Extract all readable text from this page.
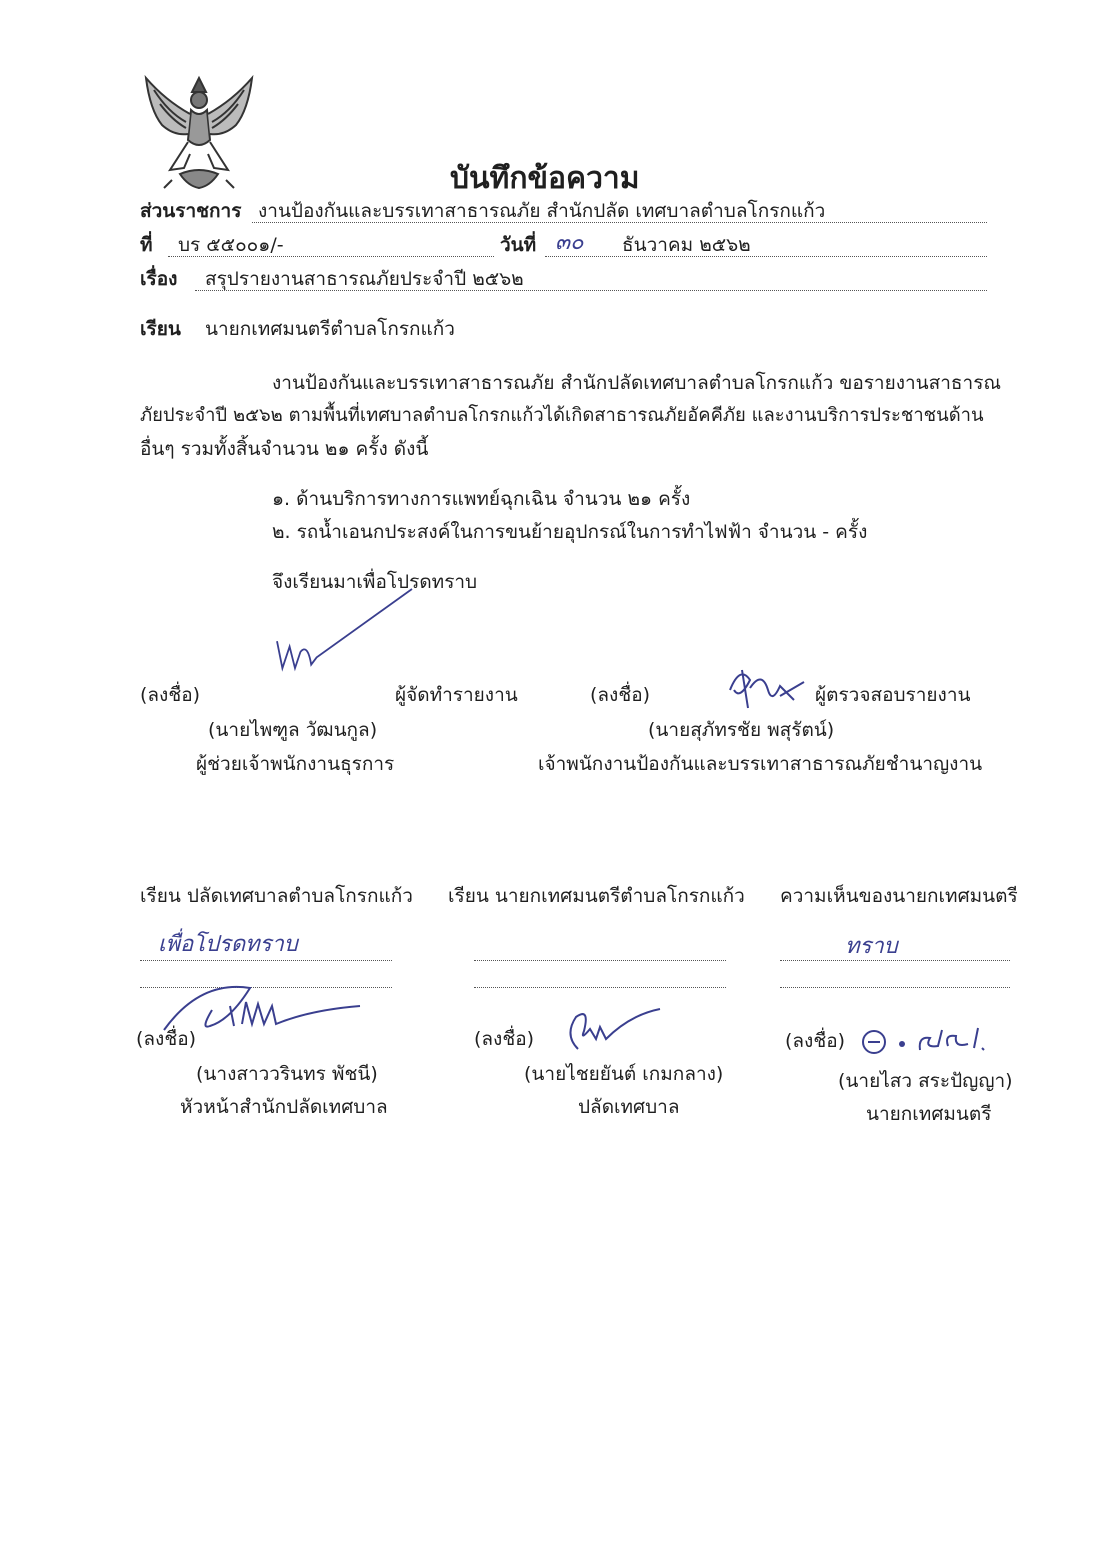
บันทึกข้อความ
ส่วนราชการ งานป้องกันและบรรเทาสาธารณภัย สำนักปลัด เทศบาลตำบลโกรกแก้ว
ที่ บร ๕๕๐๐๑/-	วันที่ ๓๐ ธันวาคม ๒๕๖๒
เรื่อง สรุปรายงานสาธารณภัยประจำปี ๒๕๖๒
เรียน นายกเทศมนตรีตำบลโกรกแก้ว
งานป้องกันและบรรเทาสาธารณภัย สำนักปลัดเทศบาลตำบลโกรกแก้ว ขอรายงานสาธารณ
ภัยประจำปี ๒๕๖๒ ตามพื้นที่เทศบาลตำบลโกรกแก้วได้เกิดสาธารณภัยอัคคีภัย และงานบริการประชาชนด้าน
อื่นๆ รวมทั้งสิ้นจำนวน ๒๑ ครั้ง ดังนี้
๑. ด้านบริการทางการแพทย์ฉุกเฉิน จำนวน ๒๑ ครั้ง
๒. รถน้ำเอนกประสงค์ในการขนย้ายอุปกรณ์ในการทำไฟฟ้า จำนวน - ครั้ง
จึงเรียนมาเพื่อโปรดทราบ
(ลงชื่อ)	ผู้จัดทำรายงาน
(นายไพฑูล วัฒนกูล)
ผู้ช่วยเจ้าพนักงานธุรการ
(ลงชื่อ)	ผู้ตรวจสอบรายงาน
(นายสุภัทรชัย พสุรัตน์)
เจ้าพนักงานป้องกันและบรรเทาสาธารณภัยชำนาญงาน
เรียน ปลัดเทศบาลตำบลโกรกแก้ว
เพื่อโปรดทราบ
(ลงชื่อ)
(นางสาววรินทร พัชนี)
หัวหน้าสำนักปลัดเทศบาล
เรียน นายกเทศมนตรีตำบลโกรกแก้ว
(ลงชื่อ)
(นายไชยยันต์ เกมกลาง)
ปลัดเทศบาล
ความเห็นของนายกเทศมนตรี
ทราบ
(ลงชื่อ)
(นายไสว สระปัญญา)
นายกเทศมนตรี
